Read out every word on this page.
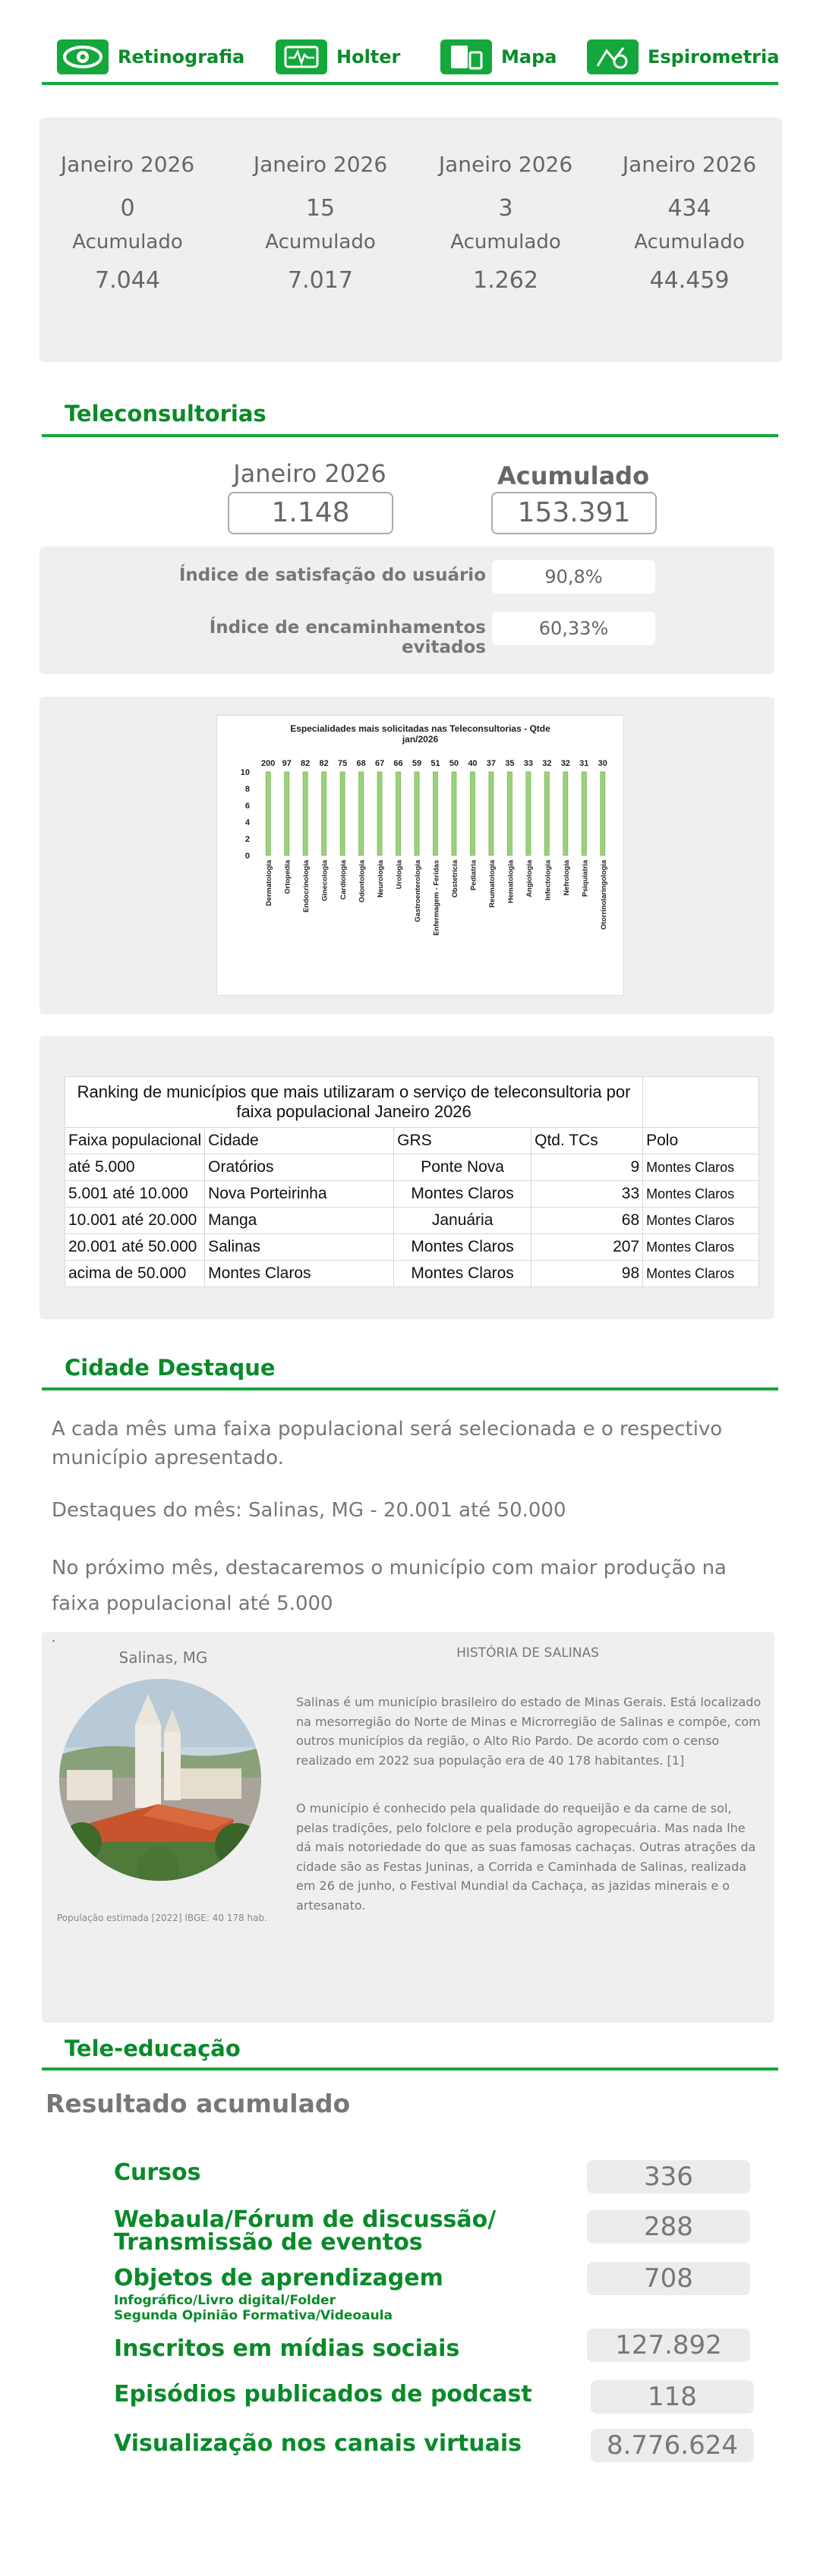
Retinografia	Holter	Mapa	Espirometria
Janeiro 2026
0
Acumulado
7.044
Janeiro 2026
15
Acumulado
7.017
Janeiro 2026
3
Acumulado
1.262
Janeiro 2026
434
Acumulado
44.459
Teleconsultorias
Janeiro 2026
1.148
Acumulado
153.391
Índice de satisfação do usuário	90,8%
Índice de encaminhamentos evitados
60,33%
Especialidades mais solicitadas nas Teleconsultorias - Qtde
jan/2026
0
2
4
6
8
10
200
Dermatologia
97
Ortopedia
82
Endocrinologia
82
Ginecologia
75
Cardiologia
68
Odontologia
67
Neurologia
66
Urologia
59
Gastroenterologia
51
Enfermagem - Feridas
50
Obstetrícia
40
Pediatria
37
Reumatologia
35
Hematologia
33
Angiologia
32
Infectologia
32
Nefrologia
31
Psiquiatria
30
Otorrinolaringologia
Ranking de municípios que mais utilizaram o serviço de teleconsultoria por faixa populacional Janeiro 2026				
Faixa populacional	Cidade	GRS	Qtd. TCs	Polo
até 5.000	Oratórios	Ponte Nova	9	Montes Claros
5.001 até 10.000	Nova Porteirinha	Montes Claros	33	Montes Claros
10.001 até 20.000	Manga	Januária	68	Montes Claros
20.001 até 50.000	Salinas	Montes Claros	207	Montes Claros
acima de 50.000	Montes Claros	Montes Claros	98	Montes Claros
Cidade Destaque
A cada mês uma faixa populacional será selecionada e o respectivo município apresentado.
Destaques do mês: Salinas, MG - 20.001 até 50.000
No próximo mês, destacaremos o município com maior produção na
faixa populacional até 5.000
.
Salinas, MG	HISTÓRIA DE SALINAS
Salinas é um município brasileiro do estado de Minas Gerais. Está localizado na mesorregião do Norte de Minas e Microrregião de Salinas e compõe, com outros municípios da região, o Alto Rio Pardo. De acordo com o censo realizado em 2022 sua população era de 40 178 habitantes. [1]
O município é conhecido pela qualidade do requeijão e da carne de sol, pelas tradições, pelo folclore e pela produção agropecuária. Mas nada lhe dá mais notoriedade do que as suas famosas cachaças. Outras atrações da cidade são as Festas Juninas, a Corrida e Caminhada de Salinas, realizada em 26 de junho, o Festival Mundial da Cachaça, as jazidas minerais e o artesanato.
População estimada [2022] IBGE: 40 178 hab.
Tele-educação
Resultado acumulado
Cursos	336
Webaula/Fórum de discussão/
Transmissão de eventos
288
Objetos de aprendizagem
Infográfico/Livro digital/Folder
Segunda Opinião Formativa/Videoaula
708
Inscritos em mídias sociais	127.892
Episódios publicados de podcast	118
Visualização nos canais virtuais	8.776.624
